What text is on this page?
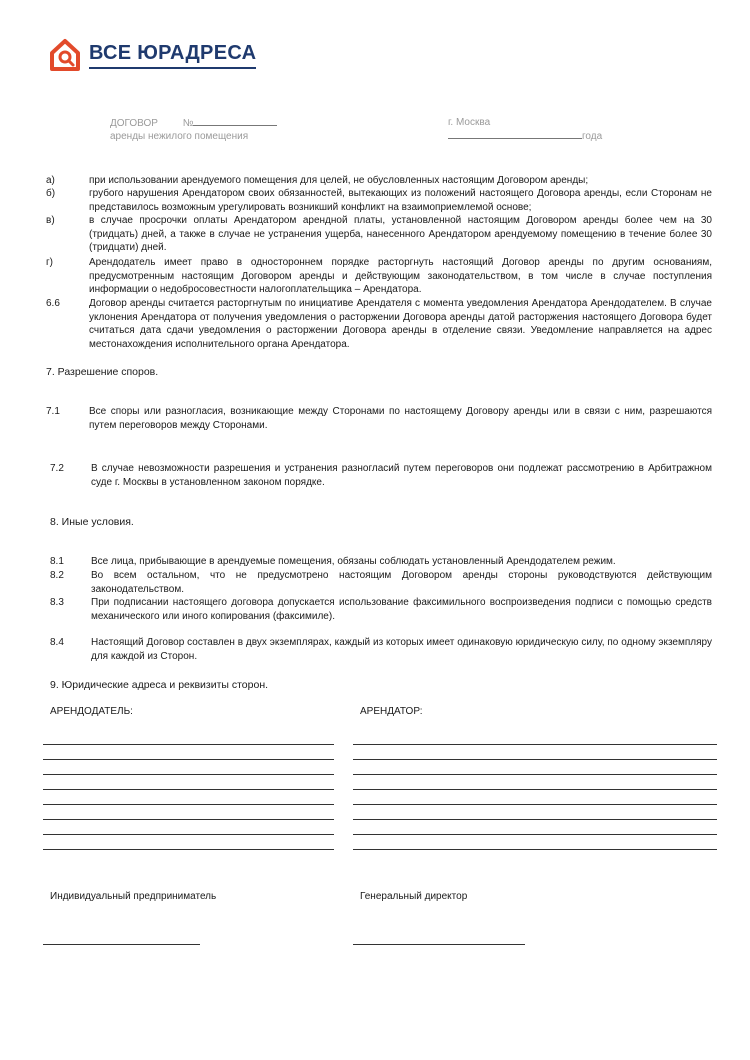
ВСЕ ЮРАДРЕСА
ДОГОВОР №
аренды нежилого помещения
г. Москва
года
а)	при использовании арендуемого помещения для целей, не обусловленных настоящим Договором аренды;
б)	грубого нарушения Арендатором своих обязанностей, вытекающих из положений настоящего Договора аренды, если Сторонам не представилось возможным урегулировать возникший конфликт на взаимоприемлемой основе;
в)	в случае просрочки оплаты Арендатором арендной платы, установленной настоящим Договором аренды более чем на 30 (тридцать) дней, а также в случае не устранения ущерба, нанесенного Арендатором арендуемому помещению в течение более 30 (тридцати) дней.
г)	Арендодатель имеет право в одностороннем порядке расторгнуть настоящий Договор аренды по другим основаниям, предусмотренным настоящим Договором аренды и действующим законодательством, в том числе в случае поступления информации о недобросовестности налогоплательщика – Арендатора.
6.6	Договор аренды считается расторгнутым по инициативе Арендателя с момента уведомления Арендатора Арендодателем. В случае уклонения Арендатора от получения уведомления о расторжении Договора аренды датой расторжения настоящего Договора будет считаться дата сдачи уведомления о расторжении Договора аренды в отделение связи. Уведомление направляется на адрес местонахождения исполнительного органа Арендатора.
7. Разрешение споров.
7.1	Все споры или разногласия, возникающие между Сторонами по настоящему Договору аренды или в связи с ним, разрешаются путем переговоров между Сторонами.
7.2	В случае невозможности разрешения и устранения разногласий путем переговоров они подлежат рассмотрению в Арбитражном суде г. Москвы в установленном законом порядке.
8. Иные условия.
8.1	Все лица, прибывающие в арендуемые помещения, обязаны соблюдать установленный Арендодателем режим.
8.2	Во всем остальном, что не предусмотрено настоящим Договором аренды стороны руководствуются действующим законодательством.
8.3	При подписании настоящего договора допускается использование факсимильного воспроизведения подписи с помощью средств механического или иного копирования (факсимиле).
8.4	Настоящий Договор составлен в двух экземплярах, каждый из которых имеет одинаковую юридическую силу, по одному экземпляру для каждой из Сторон.
9. Юридические адреса и реквизиты сторон.
АРЕНДОДАТЕЛЬ:	АРЕНДАТОР:
Индивидуальный предприниматель	Генеральный директор
